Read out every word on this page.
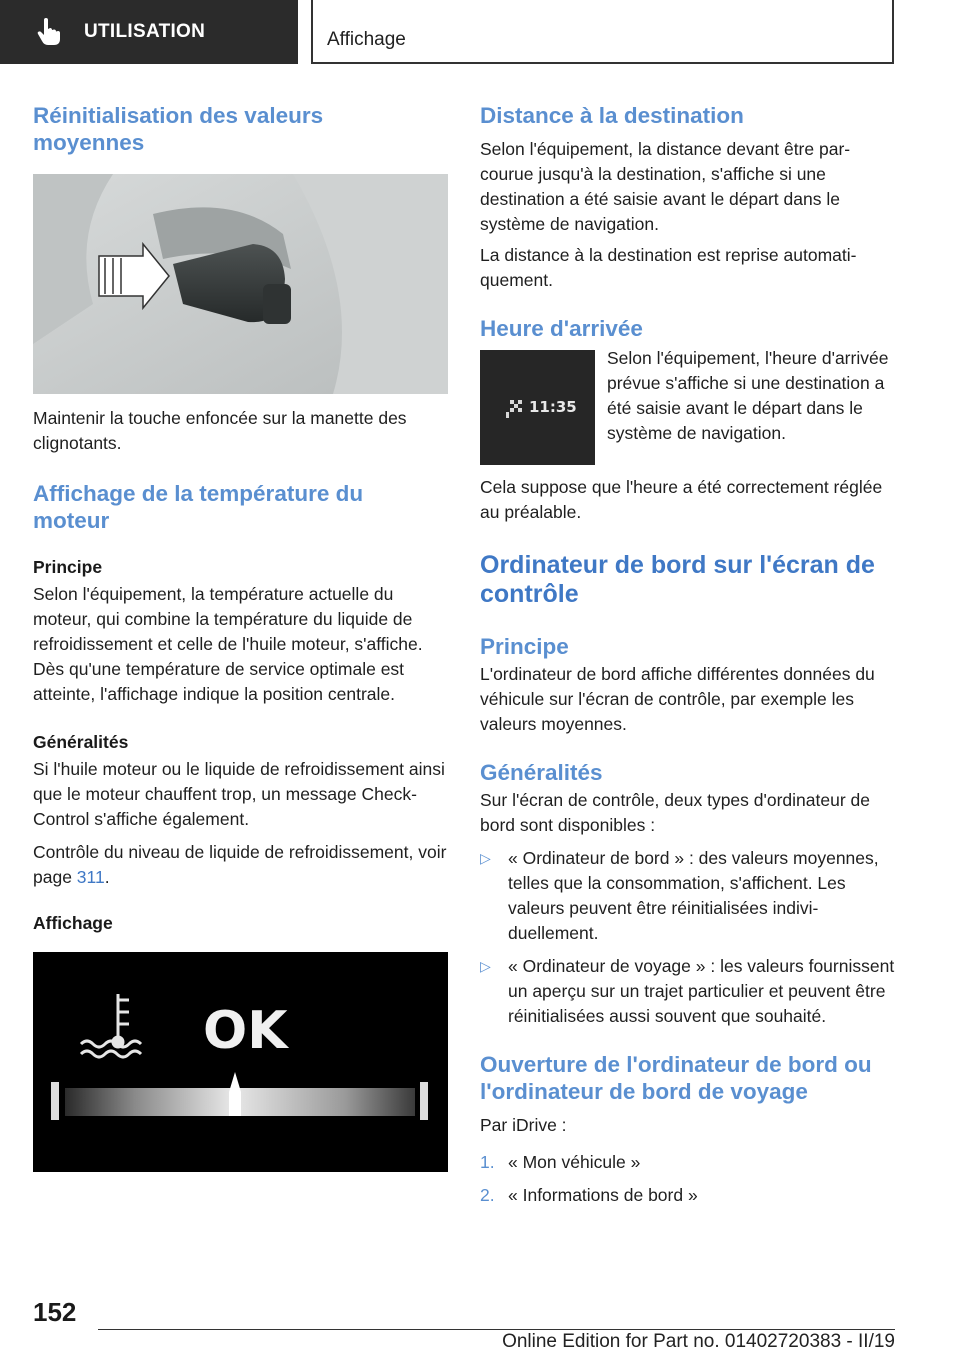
UTILISATION	Affichage
Réinitialisation des valeurs moyennes

Maintenir la touche enfoncée sur la manette des clignotants.

Affichage de la température du moteur
Principe

Selon l'équipement, la température actuelle du moteur, qui combine la température du liquide de refroidissement et celle de l'huile moteur, s'affiche. Dès qu'une température de service optimale est atteinte, l'affichage indique la position centrale.

Généralités

Si l'huile moteur ou le liquide de refroidissement ainsi que le moteur chauffent trop, un message Check-Control s'affiche également.

Contrôle du niveau de liquide de refroidissement, voir page 311.

Affichage
OK
Distance à la destination

Selon l'équipement, la distance devant être parcourue jusqu'à la destination, s'affiche si une destination a été saisie avant le départ dans le système de navigation.

La distance à la destination est reprise automatiquement.

Heure d'arrivée
11:35

Selon l'équipement, l'heure d'arrivée prévue s'affiche si une destination a été saisie avant le départ dans le système de navigation.

Cela suppose que l'heure a été correctement réglée au préalable.

Ordinateur de bord sur l'écran de contrôle
Principe

L'ordinateur de bord affiche différentes données du véhicule sur l'écran de contrôle, par exemple les valeurs moyennes.

Généralités

Sur l'écran de contrôle, deux types d'ordinateur de bord sont disponibles :

▷ « Ordinateur de bord » : des valeurs moyennes, telles que la consommation, s'affichent. Les valeurs peuvent être réinitialisées individuellement.
▷ « Ordinateur de voyage » : les valeurs fournissent un aperçu sur un trajet particulier et peuvent être réinitialisées aussi souvent que souhaité.
Ouverture de l'ordinateur de bord ou l'ordinateur de bord de voyage

Par iDrive :

1. « Mon véhicule »
2. « Informations de bord »
152
Online Edition for Part no. 01402720383 - II/19
